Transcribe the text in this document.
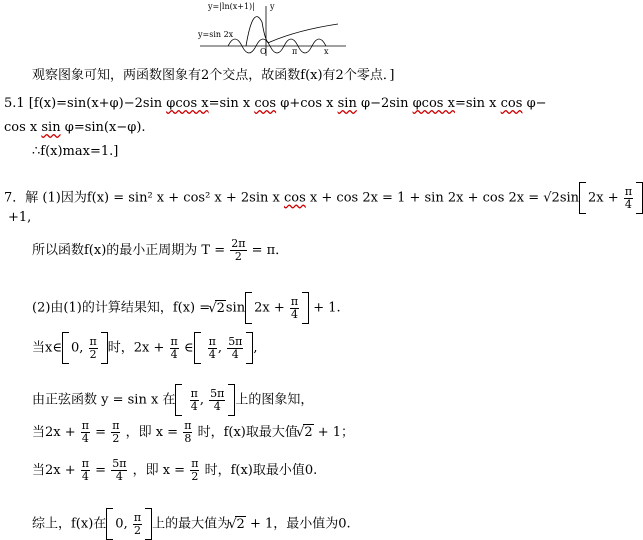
y=|ln(x+1)| y
y=sin 2x
O	π	x
观察图象可知，两函数图象有2个交点，故函数f(x)有2个零点．]
5.1 [f(x)=sin(x+φ)−2sin φcos x=sin x cos φ+cos x sin φ−2sin φcos x=sin x cos φ−
cos x sin φ=sin(x−φ).
∴f(x)max=1.]
7．解 (1)因为f(x) = sin² x + cos² x + 2sin x cos x + cos 2x = 1 + sin 2x + cos 2x = √2sin $2x + \frac{\pi}{4}$
+1,
所以函数f(x)的最小正周期为 $T = \frac{2\pi}{2} = \pi$．
(2)由(1)的计算结果知，f(x) = √ 2sin $2x + \frac{\pi}{4} + 1$.
当x∈ 0, $\frac{\pi}{2}$ 时，$2x + \frac{\pi}{4}$ ∈ $\frac{\pi}{4}$ , $\frac{5\pi}{4}$ ,
由正弦函数 y = sin x 在 $\frac{\pi}{4}$ , $\frac{5\pi}{4}$ 上的图象知，
当$2x + \frac{\pi}{4} = \frac{\pi}{2}$ ，即 $x = \frac{\pi}{8}$ 时，f(x)取最大值 √ 2 + 1；
当$2x + \frac{\pi}{4} = \frac{5\pi}{4}$ ，即 $x = \frac{\pi}{2}$ 时，f(x)取最小值0.
综上，f(x)在 0, $\frac{\pi}{2}$ 上的最大值为 √ 2 + 1，最小值为0.
